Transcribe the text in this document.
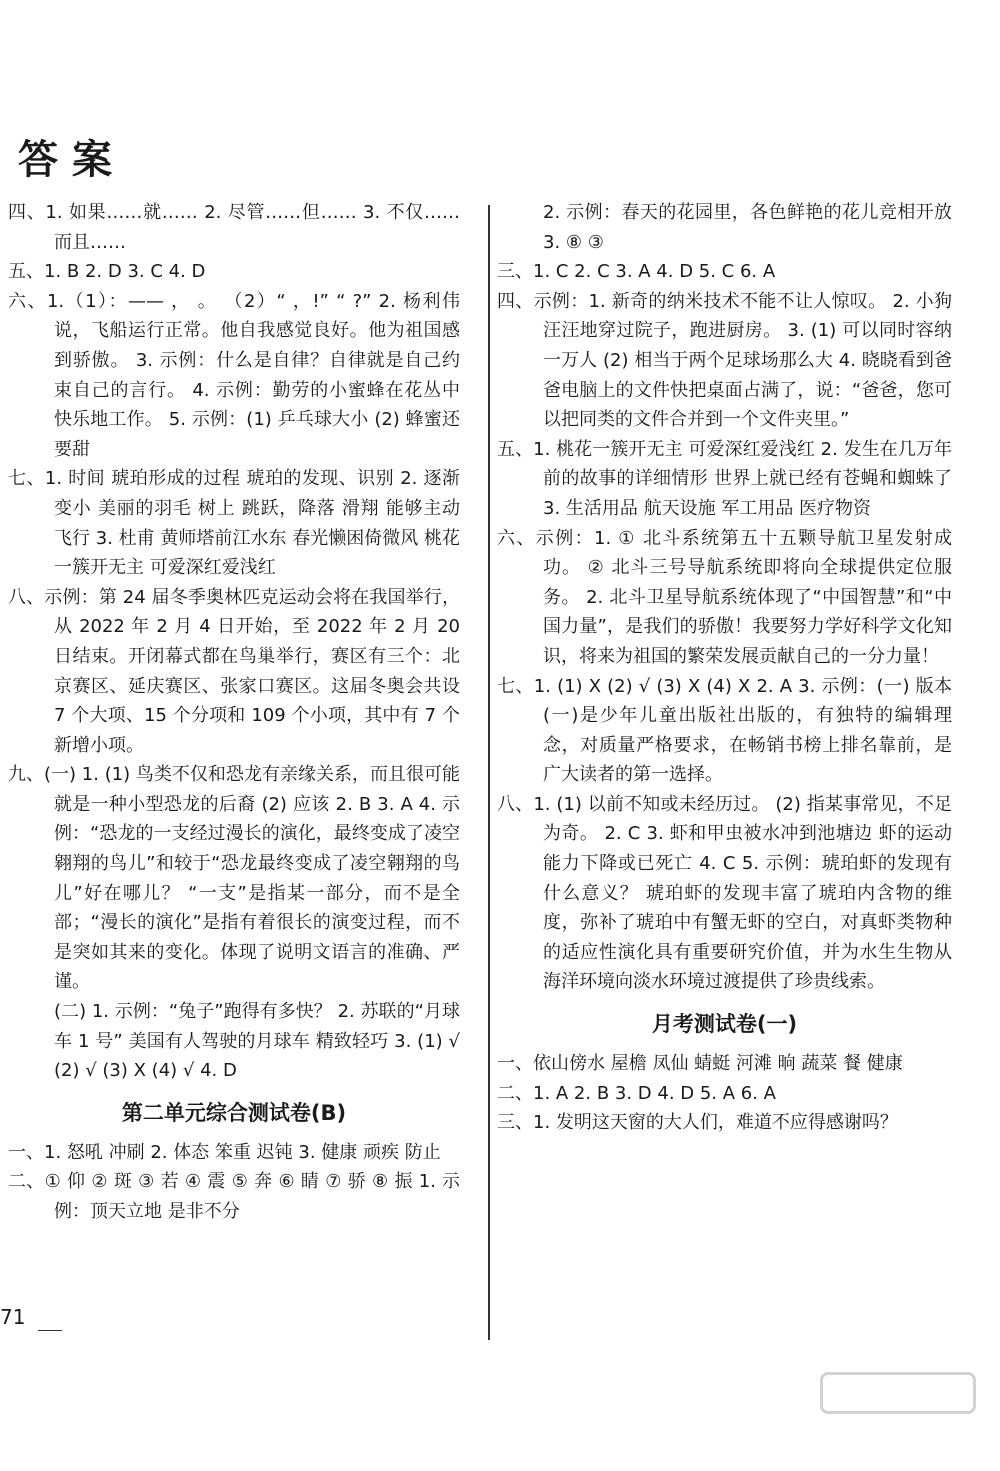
答案

四、1. 如果……就…… 2. 尽管……但…… 3. 不仅……而且……

五、1. B 2. D 3. C 4. D

六、1.（1）：—— ， 。 （2）“ ，!” “ ?” 2. 杨利伟说，飞船运行正常。他自我感觉良好。他为祖国感到骄傲。 3. 示例：什么是自律？自律就是自己约束自己的言行。 4. 示例：勤劳的小蜜蜂在花丛中快乐地工作。 5. 示例：(1) 乒乓球大小 (2) 蜂蜜还要甜

七、1. 时间 琥珀形成的过程 琥珀的发现、识别 2. 逐渐变小 美丽的羽毛 树上 跳跃，降落 滑翔 能够主动飞行 3. 杜甫 黄师塔前江水东 春光懒困倚微风 桃花一簇开无主 可爱深红爱浅红

八、示例：第 24 届冬季奥林匹克运动会将在我国举行，从 2022 年 2 月 4 日开始，至 2022 年 2 月 20 日结束。开闭幕式都在鸟巢举行，赛区有三个：北京赛区、延庆赛区、张家口赛区。这届冬奥会共设 7 个大项、15 个分项和 109 个小项，其中有 7 个新增小项。

九、(一) 1. (1) 鸟类不仅和恐龙有亲缘关系，而且很可能就是一种小型恐龙的后裔 (2) 应该 2. B 3. A 4. 示例：“恐龙的一支经过漫长的演化，最终变成了凌空翱翔的鸟儿”和较于“恐龙最终变成了凌空翱翔的鸟儿”好在哪儿？ “一支”是指某一部分，而不是全部；“漫长的演化”是指有着很长的演变过程，而不是突如其来的变化。体现了说明文语言的准确、严谨。

(二) 1. 示例：“兔子”跑得有多快？ 2. 苏联的“月球车 1 号” 美国有人驾驶的月球车 精致轻巧 3. (1) √ (2) √ (3) X (4) √ 4. D

第二单元综合测试卷(B)

一、1. 怒吼 冲刷 2. 体态 笨重 迟钝 3. 健康 顽疾 防止

二、① 仰 ② 斑 ③ 若 ④ 震 ⑤ 奔 ⑥ 睛 ⑦ 骄 ⑧ 振 1. 示例：顶天立地 是非不分

2. 示例：春天的花园里，各色鲜艳的花儿竞相开放 3. ⑧ ③

三、1. C 2. C 3. A 4. D 5. C 6. A

四、示例：1. 新奇的纳米技术不能不让人惊叹。 2. 小狗汪汪地穿过院子，跑进厨房。 3. (1) 可以同时容纳一万人 (2) 相当于两个足球场那么大 4. 晓晓看到爸爸电脑上的文件快把桌面占满了，说：“爸爸，您可以把同类的文件合并到一个文件夹里。”

五、1. 桃花一簇开无主 可爱深红爱浅红 2. 发生在几万年前的故事的详细情形 世界上就已经有苍蝇和蜘蛛了 3. 生活用品 航天设施 军工用品 医疗物资

六、示例：1. ① 北斗系统第五十五颗导航卫星发射成功。 ② 北斗三号导航系统即将向全球提供定位服务。 2. 北斗卫星导航系统体现了“中国智慧”和“中国力量”，是我们的骄傲！我要努力学好科学文化知识，将来为祖国的繁荣发展贡献自己的一分力量！

七、1. (1) X (2) √ (3) X (4) X 2. A 3. 示例：(一) 版本(一)是少年儿童出版社出版的，有独特的编辑理念，对质量严格要求，在畅销书榜上排名靠前，是广大读者的第一选择。

八、1. (1) 以前不知或未经历过。 (2) 指某事常见，不足为奇。 2. C 3. 虾和甲虫被水冲到池塘边 虾的运动能力下降或已死亡 4. C 5. 示例：琥珀虾的发现有什么意义？ 琥珀虾的发现丰富了琥珀内含物的维度，弥补了琥珀中有蟹无虾的空白，对真虾类物种的适应性演化具有重要研究价值，并为水生生物从海洋环境向淡水环境过渡提供了珍贵线索。

月考测试卷(一)

一、依山傍水 屋檐 凤仙 蜻蜓 河滩 晌 蔬菜 餐 健康

二、1. A 2. B 3. D 4. D 5. A 6. A

三、1. 发明这天窗的大人们，难道不应得感谢吗？

71
